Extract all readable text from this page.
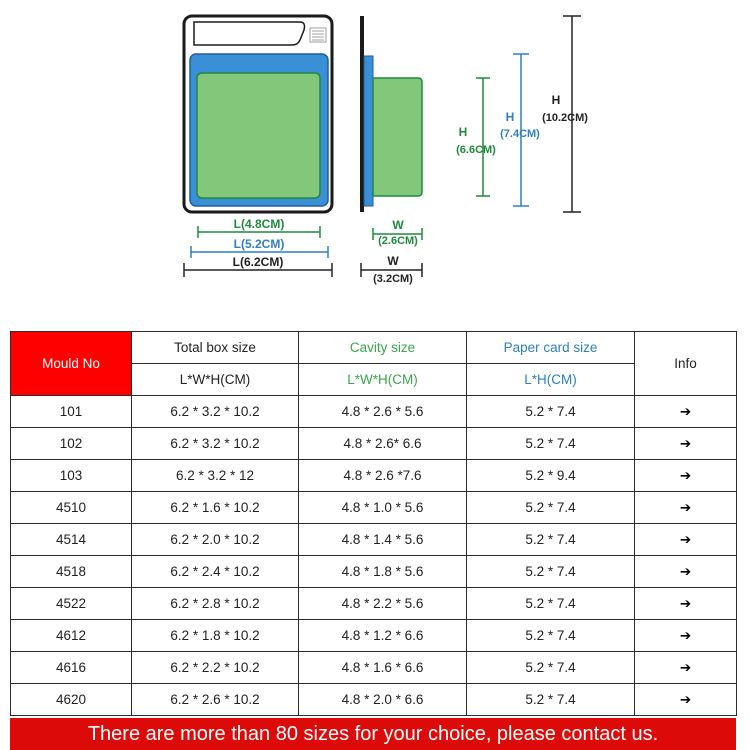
L(4.8CM)
L(5.2CM)
L(6.2CM)
W
(2.6CM)
W
(3.2CM)
H
(6.6CM)
H
(7.4CM)
H
(10.2CM)
Mould No	Total box size	Cavity size	Paper card size	Info
	L*W*H(CM)	L*W*H(CM)	L*H(CM)	
101	6.2 * 3.2 * 10.2	4.8 * 2.6 * 5.6	5.2 * 7.4	➔
102	6.2 * 3.2 * 10.2	4.8 * 2.6* 6.6	5.2 * 7.4	➔
103	6.2 * 3.2 * 12	4.8 * 2.6 *7.6	5.2 * 9.4	➔
4510	6.2 * 1.6 * 10.2	4.8 * 1.0 * 5.6	5.2 * 7.4	➔
4514	6.2 * 2.0 * 10.2	4.8 * 1.4 * 5.6	5.2 * 7.4	➔
4518	6.2 * 2.4 * 10.2	4.8 * 1.8 * 5.6	5.2 * 7.4	➔
4522	6.2 * 2.8 * 10.2	4.8 * 2.2 * 5.6	5.2 * 7.4	➔
4612	6.2 * 1.8 * 10.2	4.8 * 1.2 * 6.6	5.2 * 7.4	➔
4616	6.2 * 2.2 * 10.2	4.8 * 1.6 * 6.6	5.2 * 7.4	➔
4620	6.2 * 2.6 * 10.2	4.8 * 2.0 * 6.6	5.2 * 7.4	➔
There are more than 80 sizes for your choice, please contact us.
